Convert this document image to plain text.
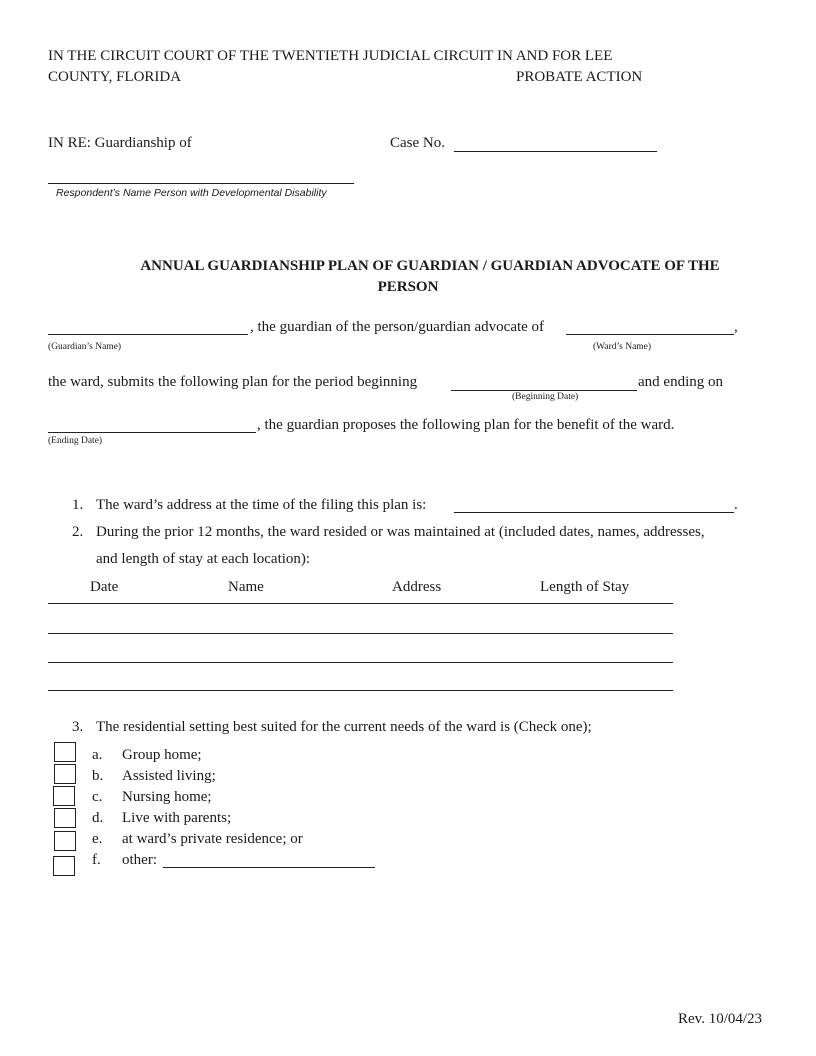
IN THE CIRCUIT COURT OF THE TWENTIETH JUDICIAL CIRCUIT IN AND FOR LEE
COUNTY, FLORIDA	PROBATE ACTION
IN RE: Guardianship of	Case No.
Respondent’s Name Person with Developmental Disability
ANNUAL GUARDIANSHIP PLAN OF GUARDIAN / GUARDIAN ADVOCATE OF THE
PERSON
, the guardian of the person/guardian advocate of	,
(Guardian’s Name)	(Ward’s Name)
the ward, submits the following plan for the period beginning	and ending on
(Beginning Date)
, the guardian proposes the following plan for the benefit of the ward.
(Ending Date)
1. The ward’s address at the time of the filing this plan is:	.
2. During the prior 12 months, the ward resided or was maintained at (included dates, names, addresses,
and length of stay at each location):
Date	Name	Address	Length of Stay
3. The residential setting best suited for the current needs of the ward is (Check one);
a. Group home;
b. Assisted living;
c. Nursing home;
d. Live with parents;
e. at ward’s private residence; or
f. other:
Rev. 10/04/23
